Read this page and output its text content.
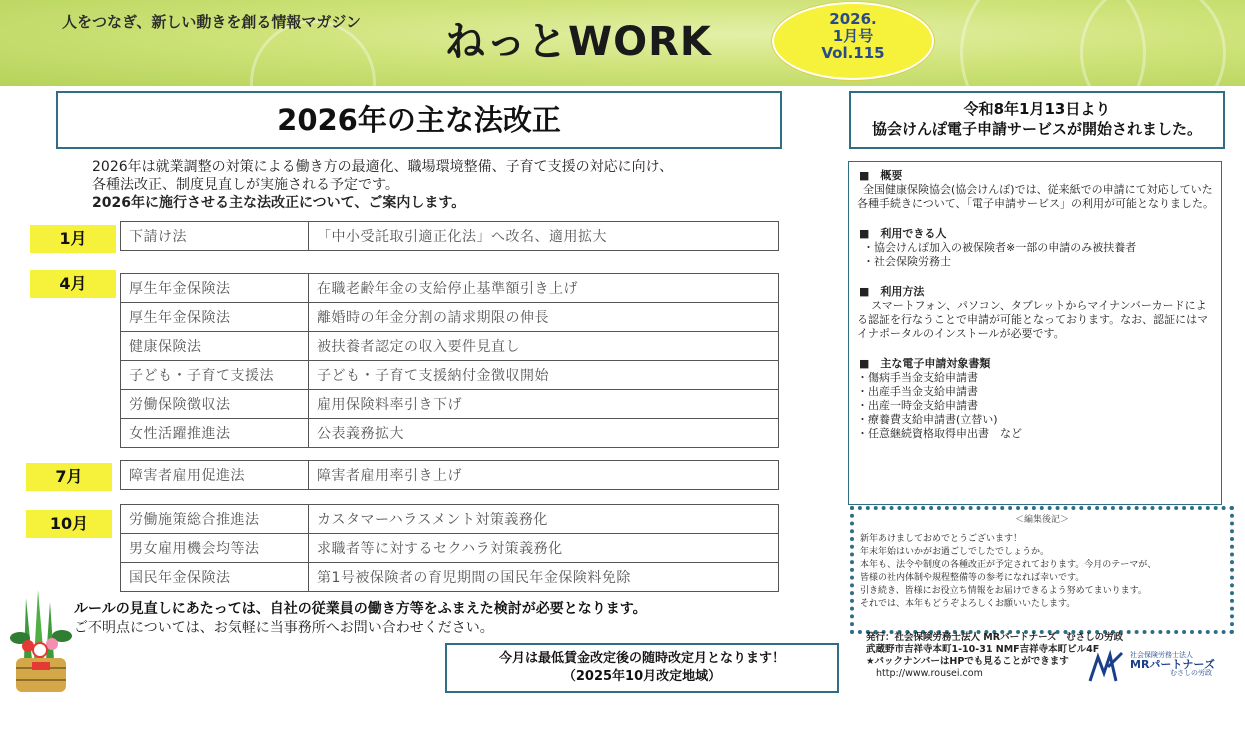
人をつなぎ、新しい動きを創る情報マガジン ねっとWORK	2026.
1月号
Vol.115
2026年の主な法改正
2026年は就業調整の対策による働き方の最適化、職場環境整備、子育て支援の対応に向け、
各種法改正、制度見直しが実施される予定です。
2026年に施行させる主な法改正について、ご案内します。
1月	下請け法	「中小受託取引適正化法」へ改名、適用拡大
4月	厚生年金保険法	在職老齢年金の支給停止基準額引き上げ
厚生年金保険法	離婚時の年金分割の請求期限の伸長
健康保険法	被扶養者認定の収入要件見直し
子ども・子育て支援法	子ども・子育て支援納付金徴収開始
労働保険徴収法	雇用保険料率引き下げ
女性活躍推進法	公表義務拡大
7月	障害者雇用促進法	障害者雇用率引き上げ
10月	労働施策総合推進法	カスタマーハラスメント対策義務化
男女雇用機会均等法	求職者等に対するセクハラ対策義務化
国民年金保険法	第1号被保険者の育児期間の国民年金保険料免除
ルールの見直しにあたっては、自社の従業員の働き方等をふまえた検討が必要となります。
ご不明点については、お気軽に当事務所へお問い合わせください。
今月は最低賃金改定後の随時改定月となります！
（2025年10月改定地域）
令和8年1月13日より
協会けんぽ電子申請サービスが開始されました。
■　概要
全国健康保険協会(協会けんぽ)では、従来紙での申請にて対応していた各種手続きについて、「電子申請サービス」の利用が可能となりました。
■　利用できる人
・協会けんぽ加入の被保険者※一部の申請のみ被扶養者
・社会保険労務士
■　利用方法
スマートフォン、パソコン、タブレットからマイナンバーカードによる認証を行なうことで申請が可能となっております。なお、認証にはマイナポータルのインストールが必要です。
■　主な電子申請対象書類
・傷病手当金支給申請書
・出産手当金支給申請書
・出産一時金支給申請書
・療養費支給申請書(立替い)
・任意継続資格取得申出書　など
＜編集後記＞
新年あけましておめでとうございます！
年末年始はいかがお過ごしでしたでしょうか。
本年も、法令や制度の各種改正が予定されております。今月のテーマが、
皆様の社内体制や規程整備等の参考になれば幸いです。
引き続き、皆様にお役立ち情報をお届けできるよう努めてまいります。
それでは、本年もどうぞよろしくお願いいたします。
発行：社会保険労務士法人 MRパートナーズ　むさしの労政
武蔵野市吉祥寺本町1-10-31 NMF吉祥寺本町ビル4F
★バックナンバーはHPでも見ることができます
http://www.rousei.com
社会保険労務士法人
MRパートナーズ
むさしの労政
